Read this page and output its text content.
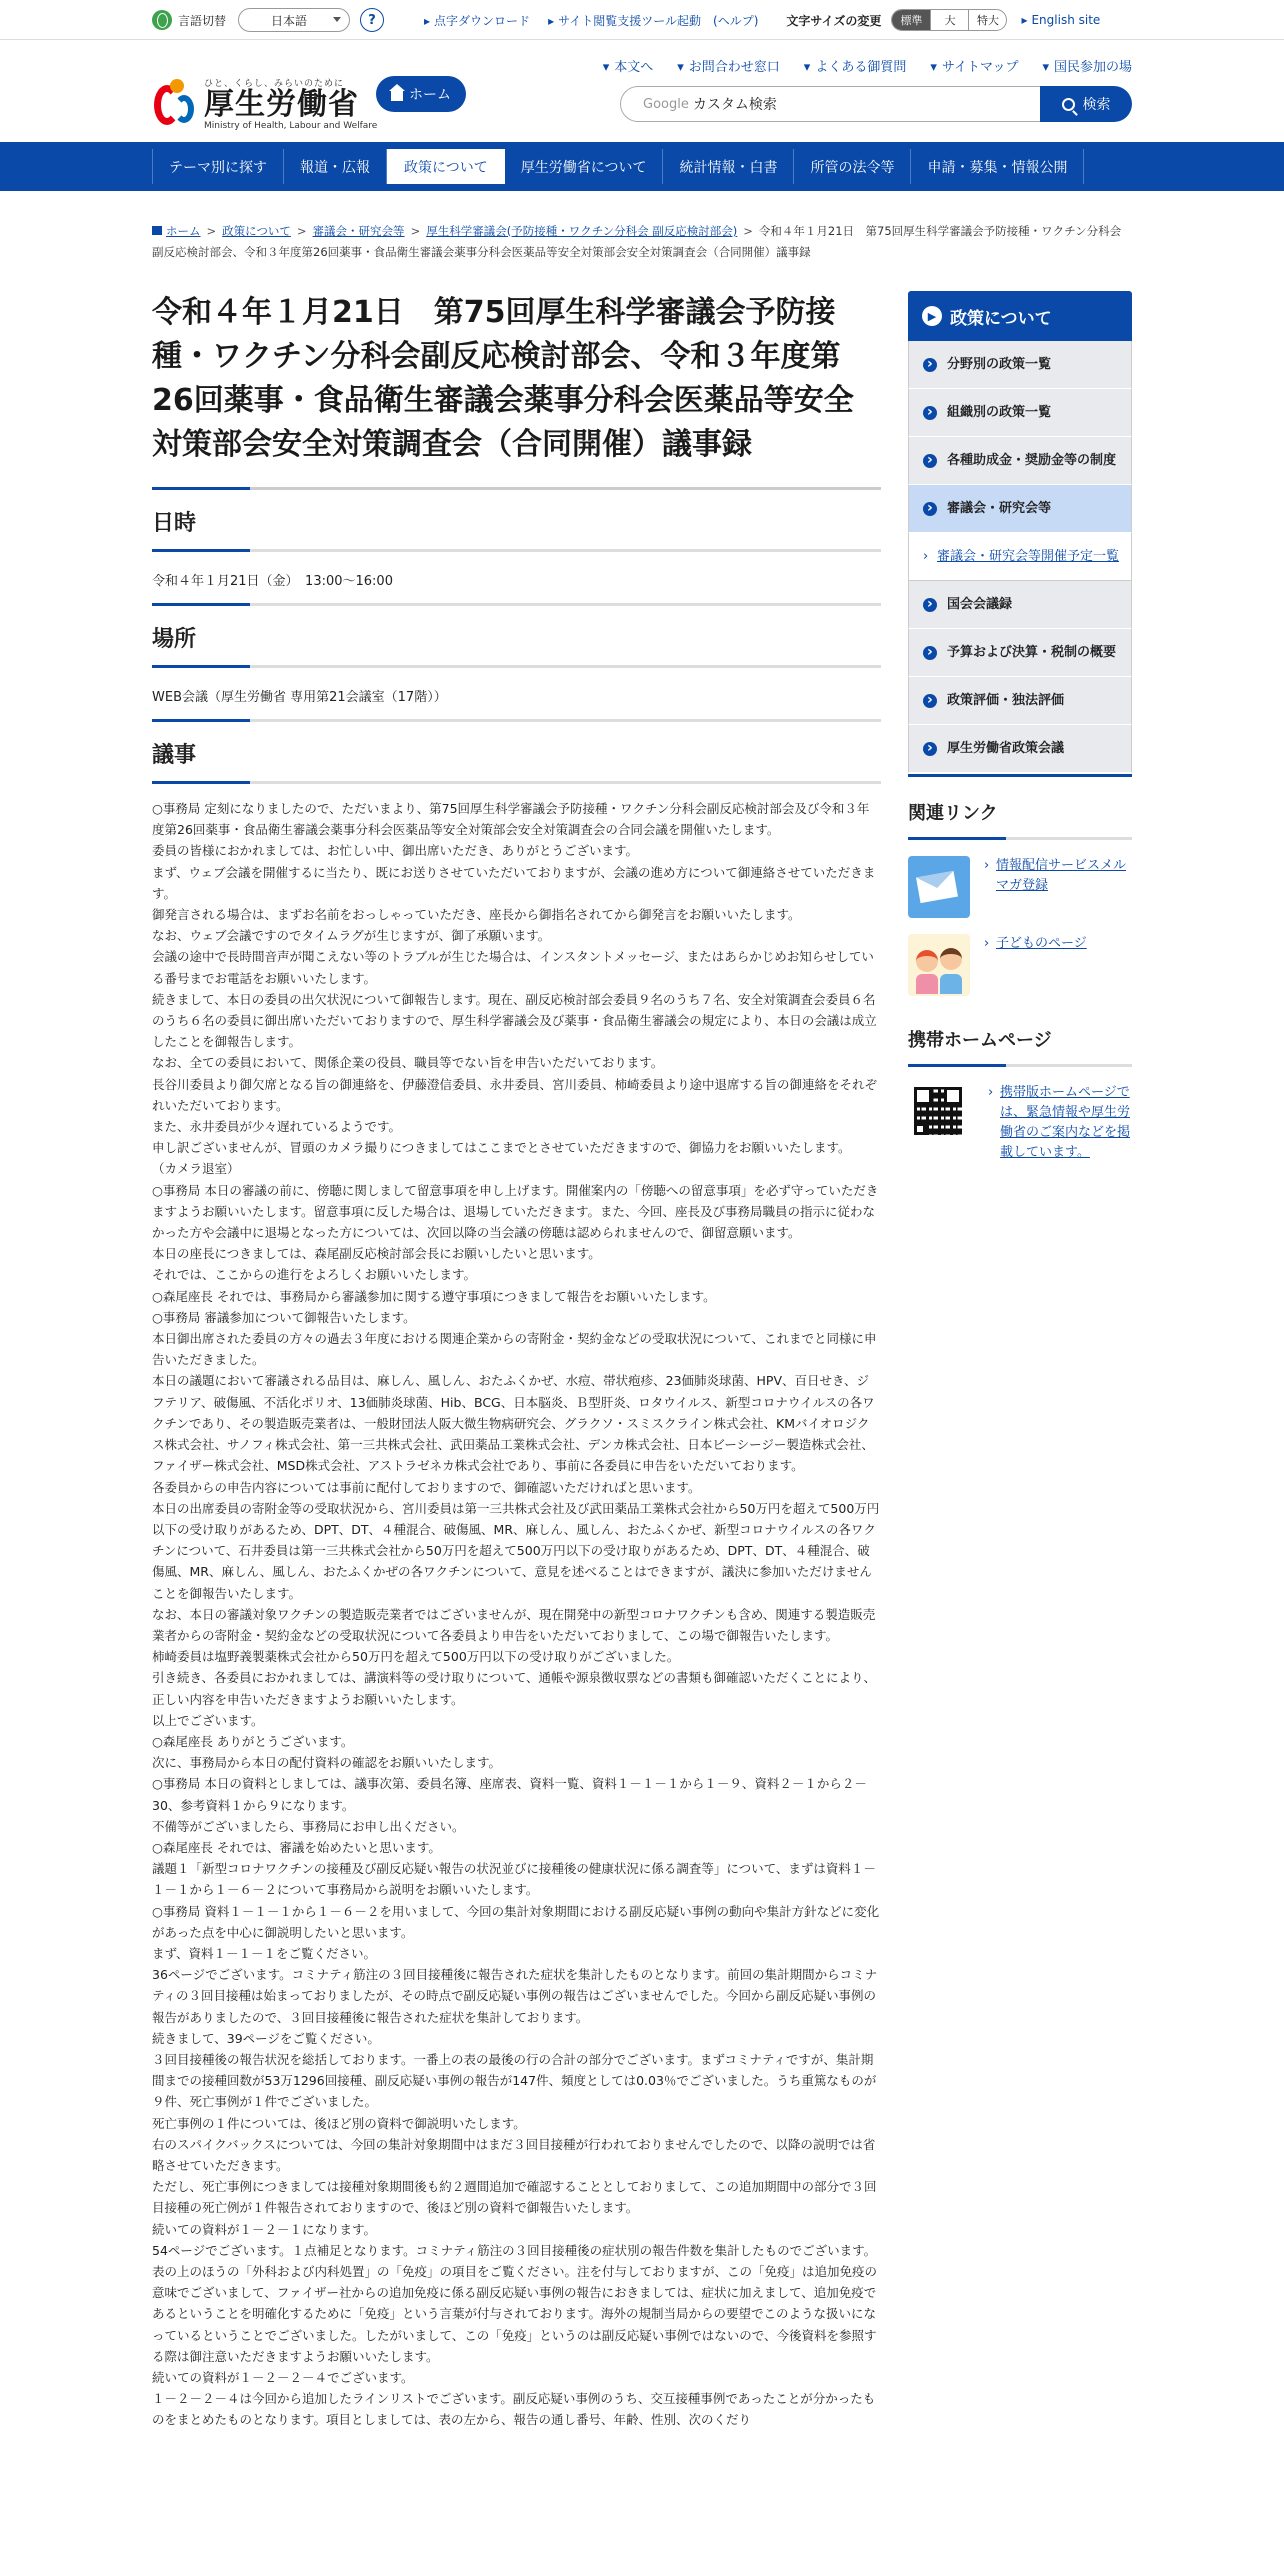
言語切替	日本語	?	▸ 点字ダウンロード	▸ サイト閲覧支援ツール起動　(ヘルプ) 文字サイズの変更	標準	大	特大	▸ English site
ひと、くらし、みらいのために
厚生労働省
Ministry of Health, Labour and Welfare
ホーム
▾ 本文へ	▾ お問合わせ窓口	▾ よくある御質問	▾ サイトマップ	▾ 国民参加の場
Google カスタム検索	検索
テーマ別に探す	報道・広報	政策について	厚生労働省について	統計情報・白書	所管の法令等	申請・募集・情報公開
ホーム > 政策について > 審議会・研究会等 > 厚生科学審議会(予防接種・ワクチン分科会 副反応検討部会) > 令和４年１月21日　第75回厚生科学審議会予防接種・ワクチン分科会副反応検討部会、令和３年度第26回薬事・食品衛生審議会薬事分科会医薬品等安全対策部会安全対策調査会（合同開催）議事録
令和４年１月21日　第75回厚生科学審議会予防接種・ワクチン分科会副反応検討部会、令和３年度第26回薬事・食品衛生審議会薬事分科会医薬品等安全対策部会安全対策調査会（合同開催）議事録
日時
令和４年１月21日（金）　13:00～16:00
場所
WEB会議（厚生労働省 専用第21会議室（17階））
議事

○事務局 定刻になりましたので、ただいまより、第75回厚生科学審議会予防接種・ワクチン分科会副反応検討部会及び令和３年度第26回薬事・食品衛生審議会薬事分科会医薬品等安全対策部会安全対策調査会の合同会議を開催いたします。

委員の皆様におかれましては、お忙しい中、御出席いただき、ありがとうございます。

まず、ウェブ会議を開催するに当たり、既にお送りさせていただいておりますが、会議の進め方について御連絡させていただきます。

御発言される場合は、まずお名前をおっしゃっていただき、座長から御指名されてから御発言をお願いいたします。

なお、ウェブ会議ですのでタイムラグが生じますが、御了承願います。

会議の途中で長時間音声が聞こえない等のトラブルが生じた場合は、インスタントメッセージ、またはあらかじめお知らせしている番号までお電話をお願いいたします。

続きまして、本日の委員の出欠状況について御報告します。現在、副反応検討部会委員９名のうち７名、安全対策調査会委員６名のうち６名の委員に御出席いただいておりますので、厚生科学審議会及び薬事・食品衛生審議会の規定により、本日の会議は成立したことを御報告します。

なお、全ての委員において、関係企業の役員、職員等でない旨を申告いただいております。

長谷川委員より御欠席となる旨の御連絡を、伊藤澄信委員、永井委員、宮川委員、柿崎委員より途中退席する旨の御連絡をそれぞれいただいております。

また、永井委員が少々遅れているようです。

申し訳ございませんが、冒頭のカメラ撮りにつきましてはここまでとさせていただきますので、御協力をお願いいたします。

（カメラ退室）

○事務局 本日の審議の前に、傍聴に関しまして留意事項を申し上げます。開催案内の「傍聴への留意事項」を必ず守っていただきますようお願いいたします。留意事項に反した場合は、退場していただきます。また、今回、座長及び事務局職員の指示に従わなかった方や会議中に退場となった方については、次回以降の当会議の傍聴は認められませんので、御留意願います。

本日の座長につきましては、森尾副反応検討部会長にお願いしたいと思います。

それでは、ここからの進行をよろしくお願いいたします。

○森尾座長 それでは、事務局から審議参加に関する遵守事項につきまして報告をお願いいたします。

○事務局 審議参加について御報告いたします。

本日御出席された委員の方々の過去３年度における関連企業からの寄附金・契約金などの受取状況について、これまでと同様に申告いただきました。

本日の議題において審議される品目は、麻しん、風しん、おたふくかぜ、水痘、帯状疱疹、23価肺炎球菌、HPV、百日せき、ジフテリア、破傷風、不活化ポリオ、13価肺炎球菌、Hib、BCG、日本脳炎、Ｂ型肝炎、ロタウイルス、新型コロナウイルスの各ワクチンであり、その製造販売業者は、一般財団法人阪大微生物病研究会、グラクソ・スミスクライン株式会社、KMバイオロジクス株式会社、サノフィ株式会社、第一三共株式会社、武田薬品工業株式会社、デンカ株式会社、日本ビーシージー製造株式会社、ファイザー株式会社、MSD株式会社、アストラゼネカ株式会社であり、事前に各委員に申告をいただいております。

各委員からの申告内容については事前に配付しておりますので、御確認いただければと思います。

本日の出席委員の寄附金等の受取状況から、宮川委員は第一三共株式会社及び武田薬品工業株式会社から50万円を超えて500万円以下の受け取りがあるため、DPT、DT、４種混合、破傷風、MR、麻しん、風しん、おたふくかぜ、新型コロナウイルスの各ワクチンについて、石井委員は第一三共株式会社から50万円を超えて500万円以下の受け取りがあるため、DPT、DT、４種混合、破傷風、MR、麻しん、風しん、おたふくかぜの各ワクチンについて、意見を述べることはできますが、議決に参加いただけませんことを御報告いたします。

なお、本日の審議対象ワクチンの製造販売業者ではございませんが、現在開発中の新型コロナワクチンも含め、関連する製造販売業者からの寄附金・契約金などの受取状況について各委員より申告をいただいておりまして、この場で御報告いたします。

柿崎委員は塩野義製薬株式会社から50万円を超えて500万円以下の受け取りがございました。

引き続き、各委員におかれましては、講演料等の受け取りについて、通帳や源泉徴収票などの書類も御確認いただくことにより、正しい内容を申告いただきますようお願いいたします。

以上でございます。

○森尾座長 ありがとうございます。

次に、事務局から本日の配付資料の確認をお願いいたします。

○事務局 本日の資料としましては、議事次第、委員名簿、座席表、資料一覧、資料１－１－１から１－９、資料２－１から２－30、参考資料１から９になります。

不備等がございましたら、事務局にお申し出ください。

○森尾座長 それでは、審議を始めたいと思います。

議題１「新型コロナワクチンの接種及び副反応疑い報告の状況並びに接種後の健康状況に係る調査等」について、まずは資料１－１－１から１－６－２について事務局から説明をお願いいたします。

○事務局 資料１－１－１から１－６－２を用いまして、今回の集計対象期間における副反応疑い事例の動向や集計方針などに変化があった点を中心に御説明したいと思います。

まず、資料１－１－１をご覧ください。

36ページでございます。コミナティ筋注の３回目接種後に報告された症状を集計したものとなります。前回の集計期間からコミナティの３回目接種は始まっておりましたが、その時点で副反応疑い事例の報告はございませんでした。今回から副反応疑い事例の報告がありましたので、３回目接種後に報告された症状を集計しております。

続きまして、39ページをご覧ください。

３回目接種後の報告状況を総括しております。一番上の表の最後の行の合計の部分でございます。まずコミナティですが、集計期間までの接種回数が53万1296回接種、副反応疑い事例の報告が147件、頻度としては0.03％でございました。うち重篤なものが９件、死亡事例が１件でございました。

死亡事例の１件については、後ほど別の資料で御説明いたします。

右のスパイクバックスについては、今回の集計対象期間中はまだ３回目接種が行われておりませんでしたので、以降の説明では省略させていただきます。

ただし、死亡事例につきましては接種対象期間後も約２週間追加で確認することとしておりまして、この追加期間中の部分で３回目接種の死亡例が１件報告されておりますので、後ほど別の資料で御報告いたします。

続いての資料が１－２－１になります。

54ページでございます。１点補足となります。コミナティ筋注の３回目接種後の症状別の報告件数を集計したものでございます。表の上のほうの「外科および内科処置」の「免疫」の項目をご覧ください。注を付与しておりますが、この「免疫」は追加免疫の意味でございまして、ファイザー社からの追加免疫に係る副反応疑い事例の報告におきましては、症状に加えまして、追加免疫であるということを明確化するために「免疫」という言葉が付与されております。海外の規制当局からの要望でこのような扱いになっているということでございました。したがいまして、この「免疫」というのは副反応疑い事例ではないので、今後資料を参照する際は御注意いただきますようお願いいたします。

続いての資料が１－２－２－４でございます。

１－２－２－４は今回から追加したラインリストでございます。副反応疑い事例のうち、交互接種事例であったことが分かったものをまとめたものとなります。項目としましては、表の左から、報告の通し番号、年齢、性別、次のくだり

▶ 政策について
分野別の政策一覧 ›
組織別の政策一覧 ›
各種助成金・奨励金等の制度 ›
審議会・研究会等 ›
› 審議会・研究会等開催予定一覧
国会会議録 ›
予算および決算・税制の概要 ›
政策評価・独法評価 ›
厚生労働省政策会議 ›
関連リンク
› 情報配信サービスメルマガ登録
› 子どものページ
携帯ホームページ
› 携帯版ホームページでは、緊急情報や厚生労働省のご案内などを掲載しています。
